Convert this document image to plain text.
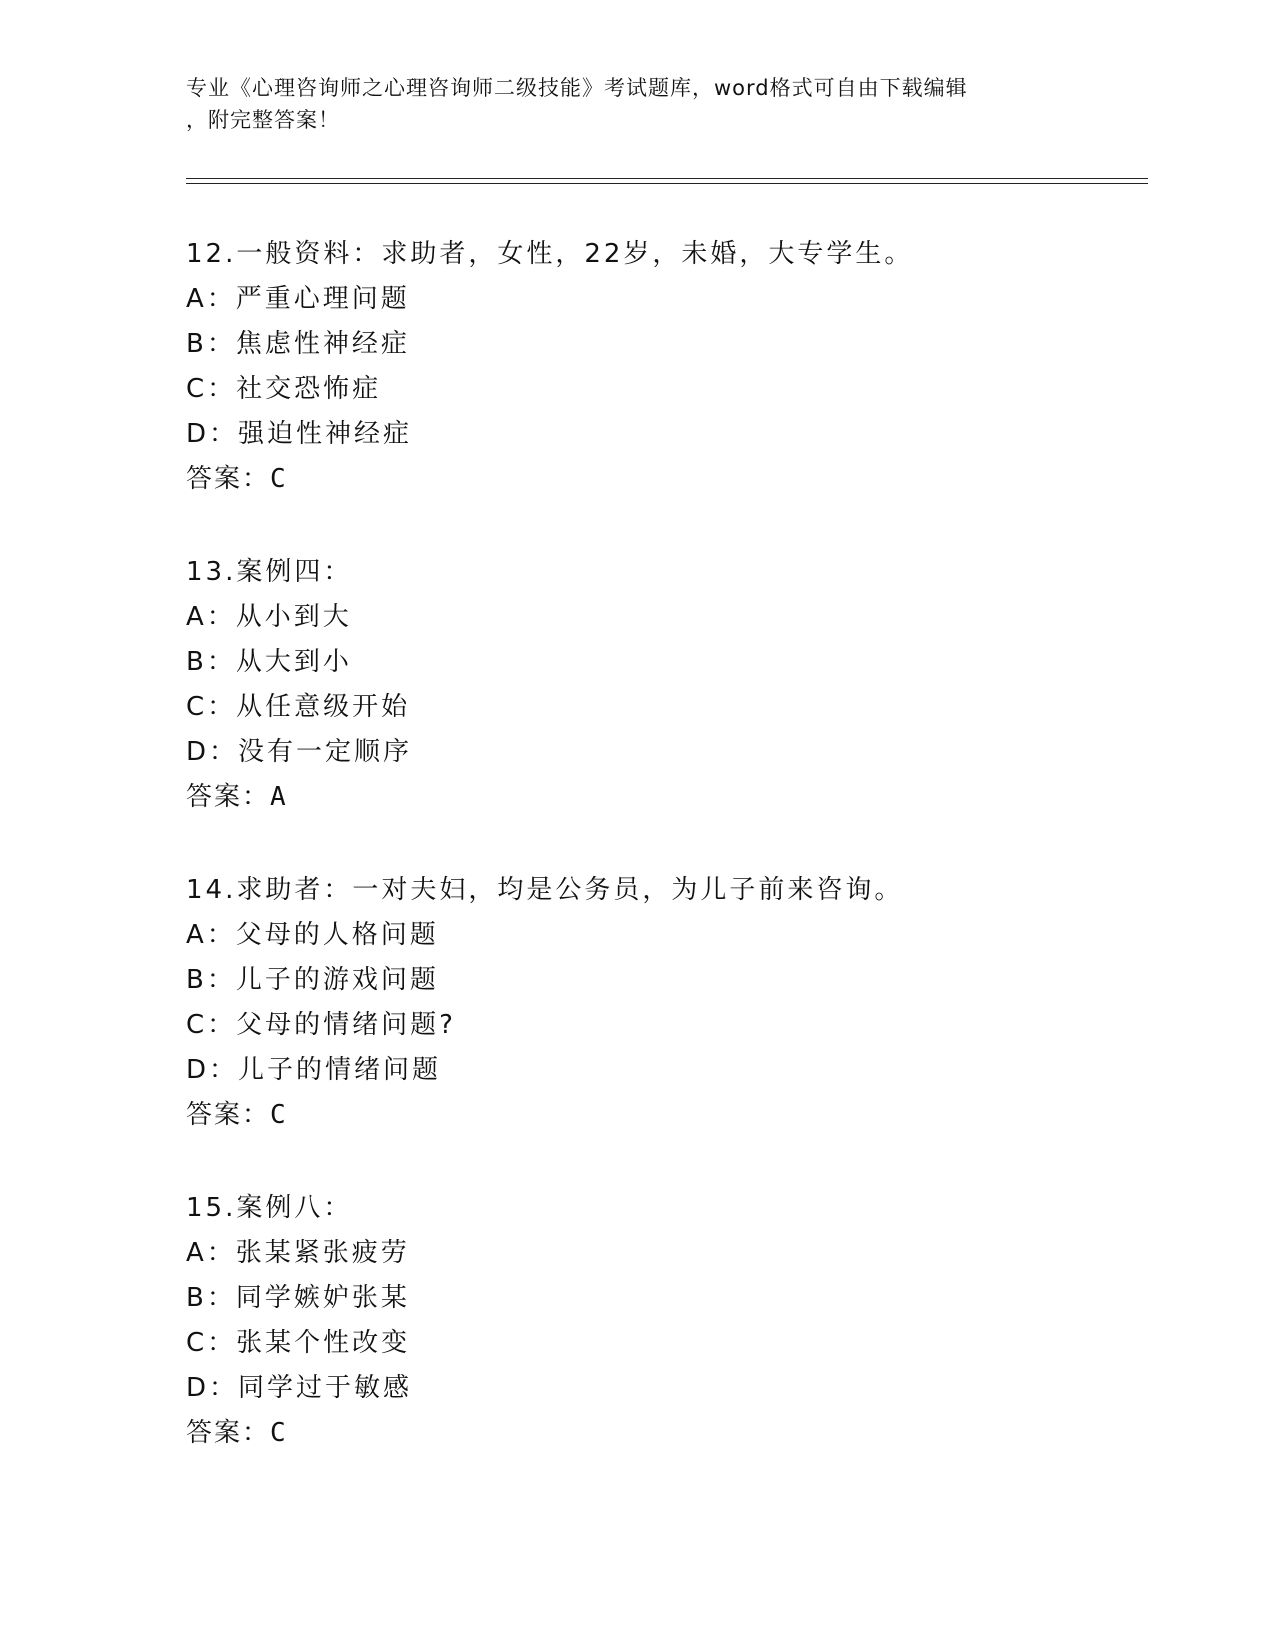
专业《心理咨询师之心理咨询师二级技能》考试题库，word格式可自由下载编辑
，附完整答案！
12.一般资料：求助者，女性，22岁，未婚，大专学生。
A：严重心理问题
B：焦虑性神经症
C：社交恐怖症
D：强迫性神经症
答案：C
13.案例四：
A：从小到大
B：从大到小
C：从任意级开始
D：没有一定顺序
答案：A
14.求助者：一对夫妇，均是公务员，为儿子前来咨询。
A：父母的人格问题
B：儿子的游戏问题
C：父母的情绪问题?
D：儿子的情绪问题
答案：C
15.案例八：
A：张某紧张疲劳
B：同学嫉妒张某
C：张某个性改变
D：同学过于敏感
答案：C
